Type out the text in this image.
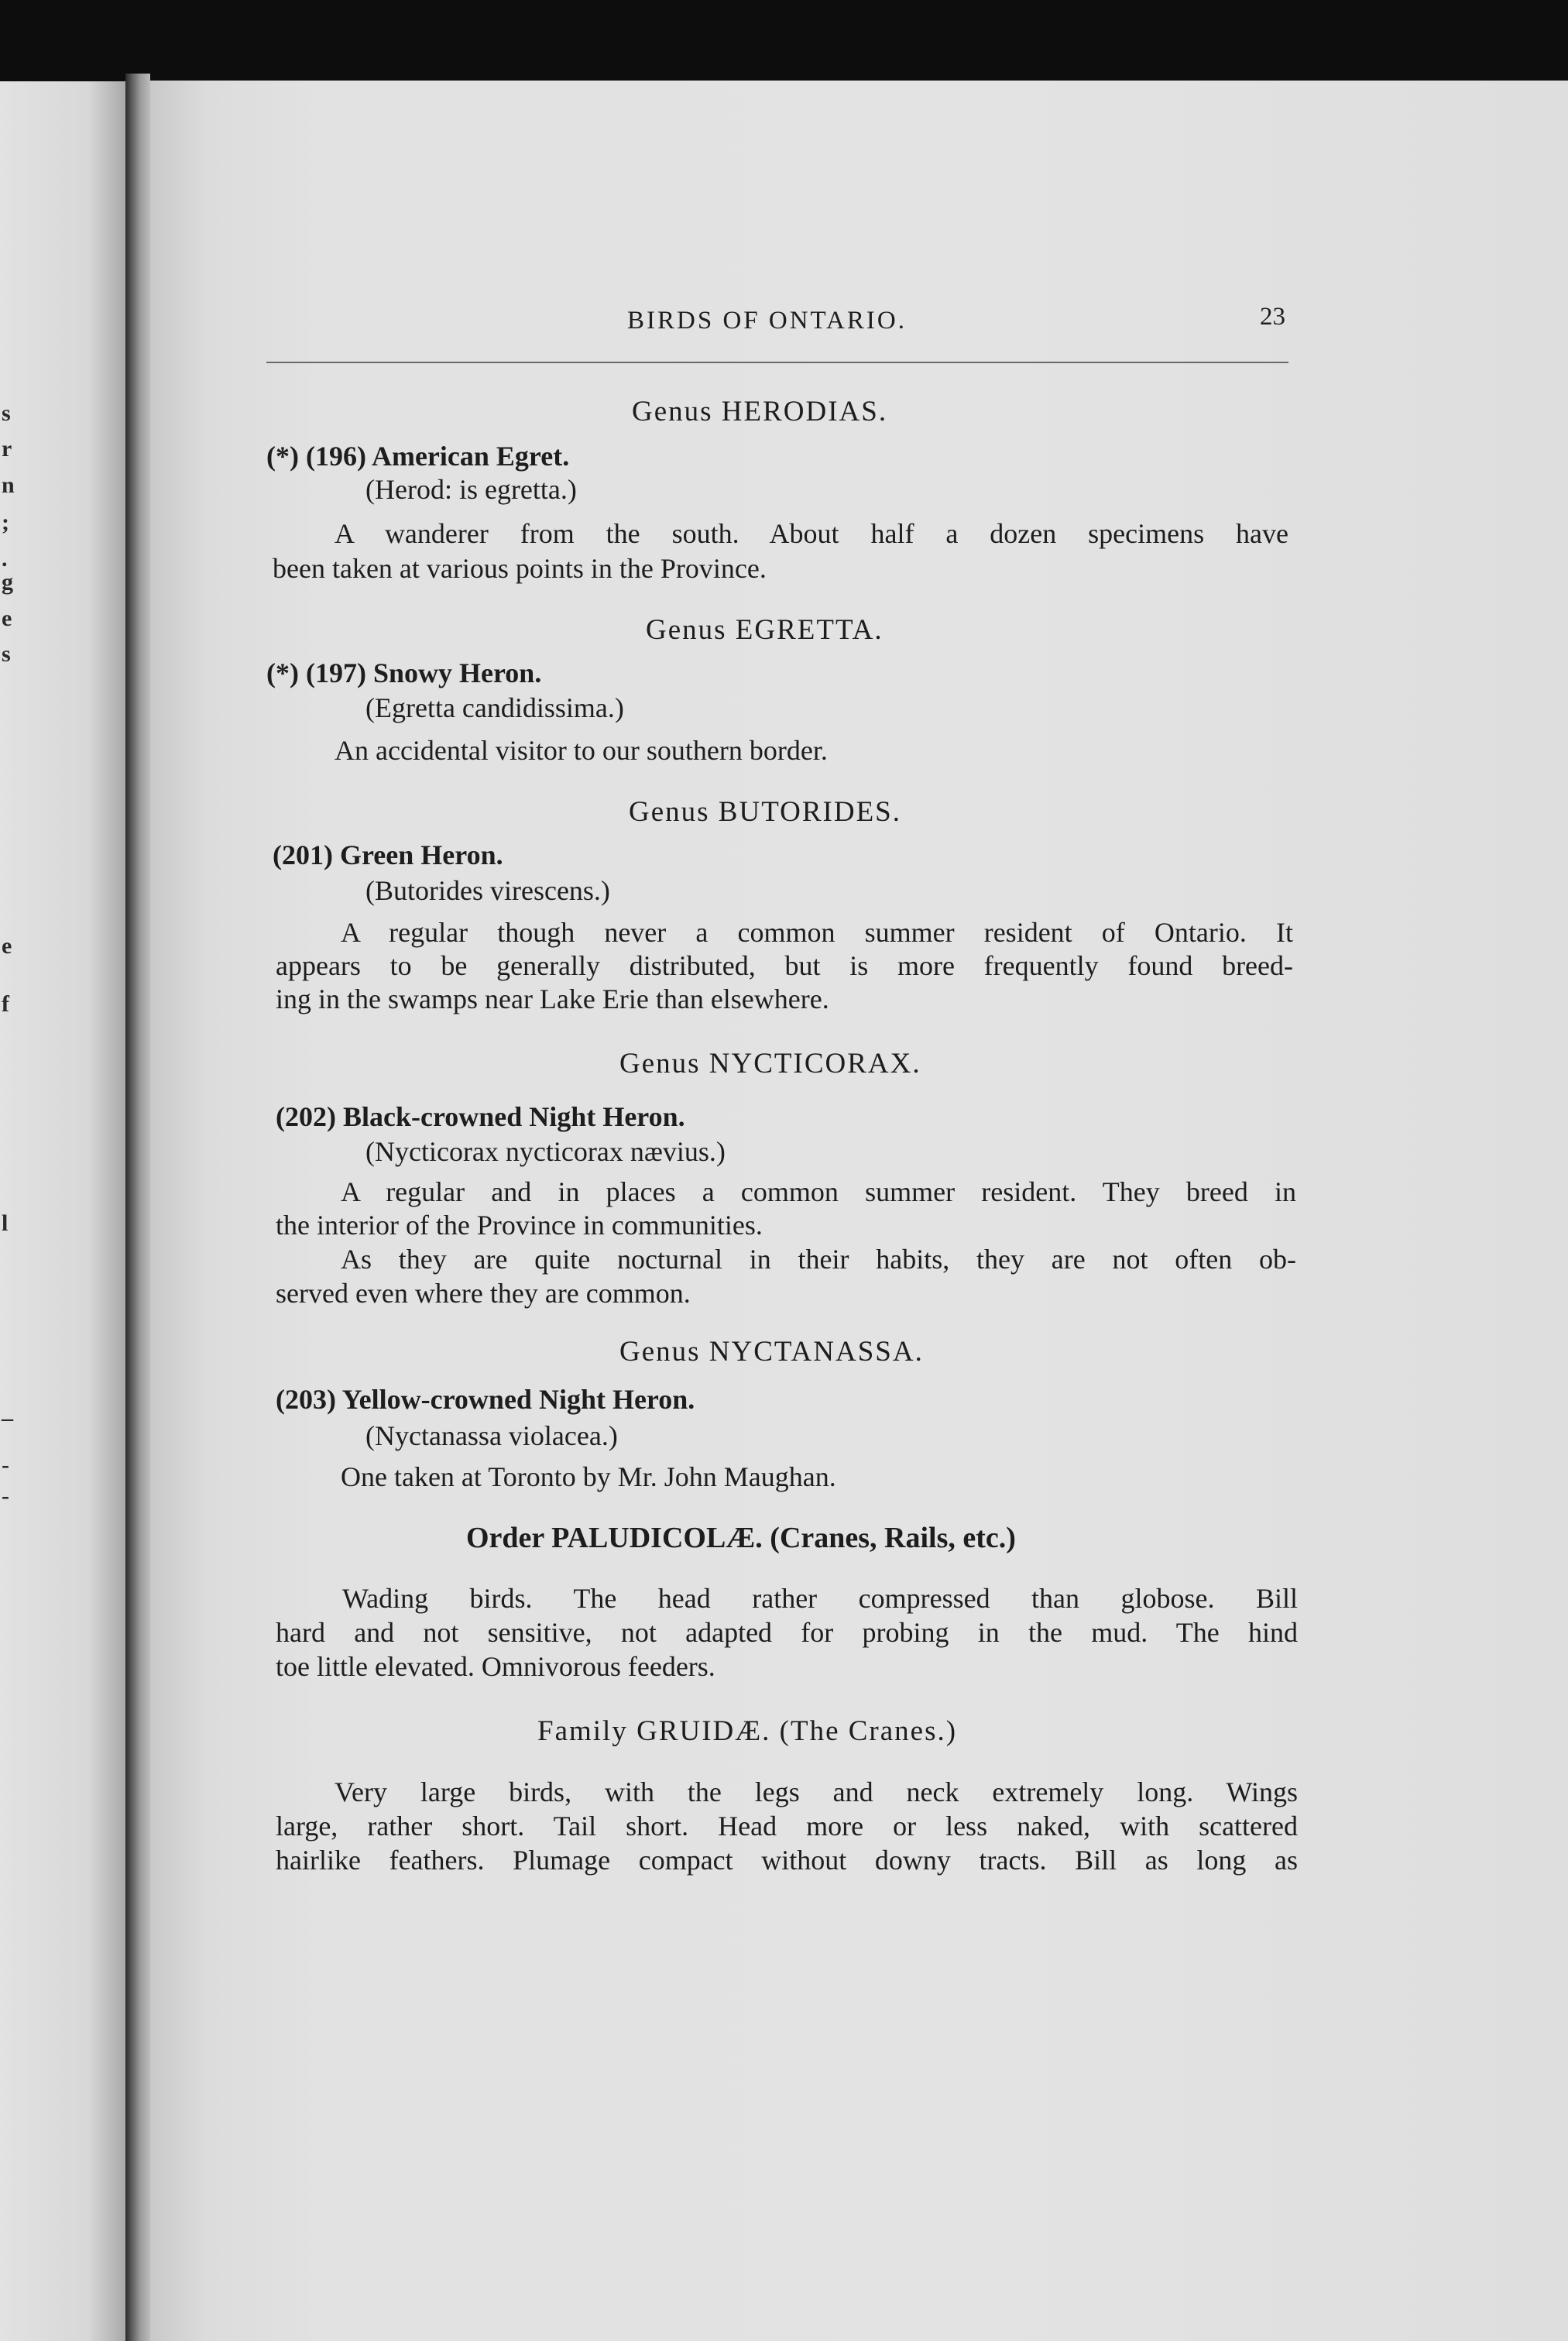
s
r
n
;
.
g
e
s
e
f
l
_
-
-
BIRDS OF ONTARIO.	23
Genus HERODIAS.
(*) (196) American Egret.
(Herod: is egretta.)
A wanderer from the south. About half a dozen specimens have
been taken at various points in the Province.
Genus EGRETTA.
(*) (197) Snowy Heron.
(Egretta candidissima.)
An accidental visitor to our southern border.
Genus BUTORIDES.
(201) Green Heron.
(Butorides virescens.)
A regular though never a common summer resident of Ontario. It
appears to be generally distributed, but is more frequently found breed-
ing in the swamps near Lake Erie than elsewhere.
Genus NYCTICORAX.
(202) Black-crowned Night Heron.
(Nycticorax nycticorax nævius.)
A regular and in places a common summer resident. They breed in
the interior of the Province in communities.
As they are quite nocturnal in their habits, they are not often ob-
served even where they are common.
Genus NYCTANASSA.
(203) Yellow-crowned Night Heron.
(Nyctanassa violacea.)
One taken at Toronto by Mr. John Maughan.
Order PALUDICOLÆ. (Cranes, Rails, etc.)
Wading birds. The head rather compressed than globose. Bill
hard and not sensitive, not adapted for probing in the mud. The hind
toe little elevated. Omnivorous feeders.
Family GRUIDÆ. (The Cranes.)
Very large birds, with the legs and neck extremely long. Wings
large, rather short. Tail short. Head more or less naked, with scattered
hairlike feathers. Plumage compact without downy tracts. Bill as long as
